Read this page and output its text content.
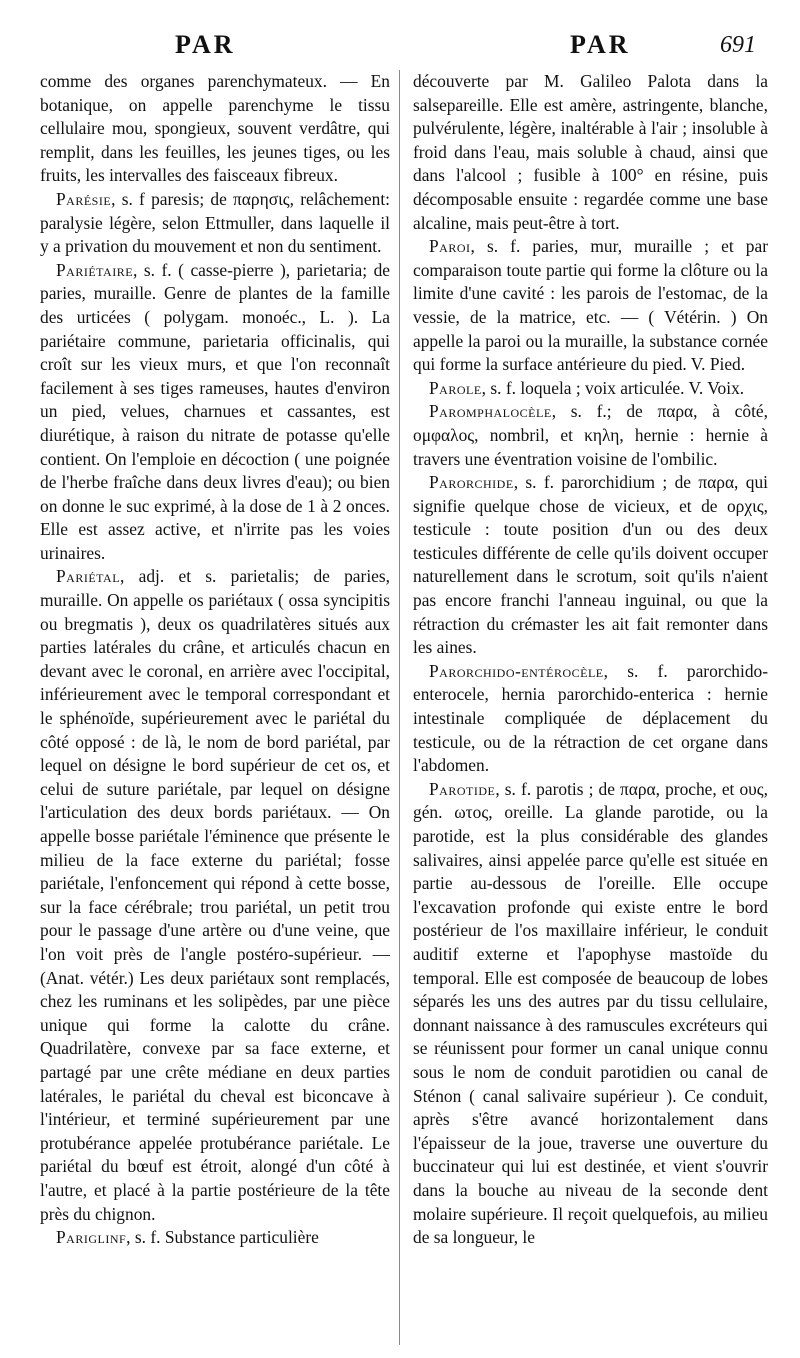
PAR	PAR	691

comme des organes parenchymateux. — En botanique, on appelle parenchyme le tissu cellulaire mou, spongieux, souvent verdâtre, qui remplit, dans les feuilles, les jeunes tiges, ou les fruits, les intervalles des faisceaux fibreux.

Parésie, s. f paresis; de παρησις, relâchement: paralysie légère, selon Ettmuller, dans laquelle il y a privation du mouvement et non du sentiment.

Pariétaire, s. f. ( casse-pierre ), parietaria; de paries, muraille. Genre de plantes de la famille des urticées ( polygam. monoéc., L. ). La pariétaire commune, parietaria officinalis, qui croît sur les vieux murs, et que l'on reconnaît facilement à ses tiges rameuses, hautes d'environ un pied, velues, charnues et cassantes, est diurétique, à raison du nitrate de potasse qu'elle contient. On l'emploie en décoction ( une poignée de l'herbe fraîche dans deux livres d'eau); ou bien on donne le suc exprimé, à la dose de 1 à 2 onces. Elle est assez active, et n'irrite pas les voies urinaires.

Pariétal, adj. et s. parietalis; de paries, muraille. On appelle os pariétaux ( ossa syncipitis ou bregmatis ), deux os quadrilatères situés aux parties latérales du crâne, et articulés chacun en devant avec le coronal, en arrière avec l'occipital, inférieurement avec le temporal correspondant et le sphénoïde, supérieurement avec le pariétal du côté opposé : de là, le nom de bord pariétal, par lequel on désigne le bord supérieur de cet os, et celui de suture pariétale, par lequel on désigne l'articulation des deux bords pariétaux. — On appelle bosse pariétale l'éminence que présente le milieu de la face externe du pariétal; fosse pariétale, l'enfoncement qui répond à cette bosse, sur la face cérébrale; trou pariétal, un petit trou pour le passage d'une artère ou d'une veine, que l'on voit près de l'angle postéro-supérieur. — (Anat. vétér.) Les deux pariétaux sont remplacés, chez les ruminans et les solipèdes, par une pièce unique qui forme la calotte du crâne. Quadrilatère, convexe par sa face externe, et partagé par une crête médiane en deux parties latérales, le pariétal du cheval est biconcave à l'intérieur, et terminé supérieurement par une protubérance appelée protubérance pariétale. Le pariétal du bœuf est étroit, alongé d'un côté à l'autre, et placé à la partie postérieure de la tête près du chignon.

Pariglinf, s. f. Substance particulière

découverte par M. Galileo Palota dans la salsepareille. Elle est amère, astringente, blanche, pulvérulente, légère, inaltérable à l'air ; insoluble à froid dans l'eau, mais soluble à chaud, ainsi que dans l'alcool ; fusible à 100° en résine, puis décomposable ensuite : regardée comme une base alcaline, mais peut-être à tort.

Paroi, s. f. paries, mur, muraille ; et par comparaison toute partie qui forme la clôture ou la limite d'une cavité : les parois de l'estomac, de la vessie, de la matrice, etc. — ( Vétérin. ) On appelle la paroi ou la muraille, la substance cornée qui forme la surface antérieure du pied. V. Pied.

Parole, s. f. loquela ; voix articulée. V. Voix.

Paromphalocèle, s. f.; de παρα, à côté, ομφαλος, nombril, et κηλη, hernie : hernie à travers une éventration voisine de l'ombilic.

Parorchide, s. f. parorchidium ; de παρα, qui signifie quelque chose de vicieux, et de ορχις, testicule : toute position d'un ou des deux testicules différente de celle qu'ils doivent occuper naturellement dans le scrotum, soit qu'ils n'aient pas encore franchi l'anneau inguinal, ou que la rétraction du crémaster les ait fait remonter dans les aines.

Parorchido-entérocèle, s. f. parorchido-enterocele, hernia parorchido-enterica : hernie intestinale compliquée de déplacement du testicule, ou de la rétraction de cet organe dans l'abdomen.

Parotide, s. f. parotis ; de παρα, proche, et ους, gén. ωτος, oreille. La glande parotide, ou la parotide, est la plus considérable des glandes salivaires, ainsi appelée parce qu'elle est située en partie au-dessous de l'oreille. Elle occupe l'excavation profonde qui existe entre le bord postérieur de l'os maxillaire inférieur, le conduit auditif externe et l'apophyse mastoïde du temporal. Elle est composée de beaucoup de lobes séparés les uns des autres par du tissu cellulaire, donnant naissance à des ramuscules excréteurs qui se réunissent pour former un canal unique connu sous le nom de conduit parotidien ou canal de Sténon ( canal salivaire supérieur ). Ce conduit, après s'être avancé horizontalement dans l'épaisseur de la joue, traverse une ouverture du buccinateur qui lui est destinée, et vient s'ouvrir dans la bouche au niveau de la seconde dent molaire supérieure. Il reçoit quelquefois, au milieu de sa longueur, le
